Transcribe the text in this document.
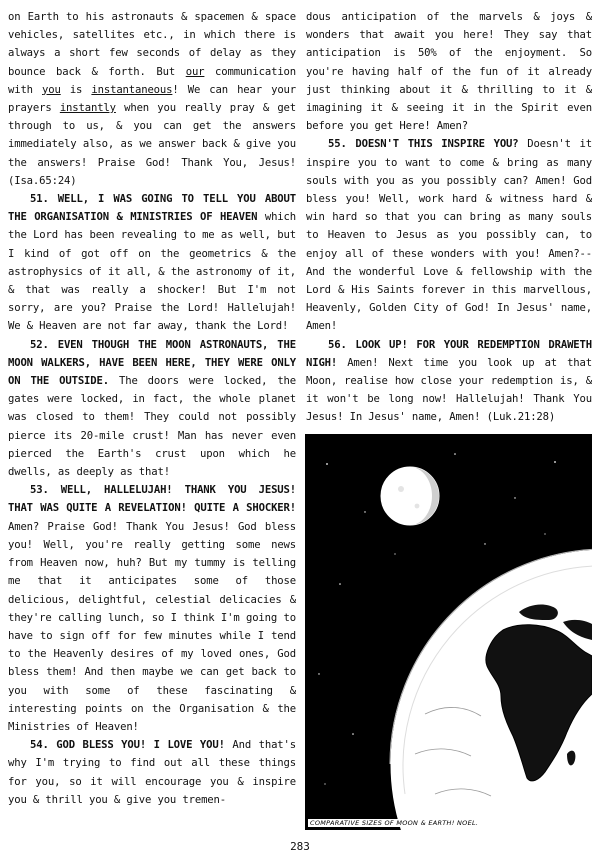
on Earth to his astronauts & spacemen & space vehicles, satellites etc., in which there is always a short few seconds of delay as they bounce back & forth. But our communication with you is instantaneous! We can hear your prayers instantly when you really pray & get through to us, & you can get the answers immediately also, as we answer back & give you the answers! Praise God! Thank You, Jesus! (Isa.65:24)

51. WELL, I WAS GOING TO TELL YOU ABOUT THE ORGANISATION & MINISTRIES OF HEAVEN which the Lord has been revealing to me as well, but I kind of got off on the geometrics & the astrophysics of it all, & the astronomy of it, & that was really a shocker! But I'm not sorry, are you? Praise the Lord! Hallelujah! We & Heaven are not far away, thank the Lord!

52. EVEN THOUGH THE MOON ASTRONAUTS, THE MOON WALKERS, HAVE BEEN HERE, THEY WERE ONLY ON THE OUTSIDE. The doors were locked, the gates were locked, in fact, the whole planet was closed to them! They could not possibly pierce its 20-mile crust! Man has never even pierced the Earth's crust upon which he dwells, as deeply as that!

53. WELL, HALLELUJAH! THANK YOU JESUS! THAT WAS QUITE A REVELATION! QUITE A SHOCKER! Amen? Praise God! Thank You Jesus! God bless you! Well, you're really getting some news from Heaven now, huh? But my tummy is telling me that it anticipates some of those delicious, delightful, celestial delicacies & they're calling lunch, so I think I'm going to have to sign off for few minutes while I tend to the Heavenly desires of my loved ones, God bless them! And then maybe we can get back to you with some of these fascinating & interesting points on the Organisation & the Ministries of Heaven!

54. GOD BLESS YOU! I LOVE YOU! And that's why I'm trying to find out all these things for you, so it will encourage you & inspire you & thrill you & give you tremen-

dous anticipation of the marvels & joys & wonders that await you here! They say that anticipation is 50% of the enjoyment. So you're having half of the fun of it already just thinking about it & thrilling to it & imagining it & seeing it in the Spirit even before you get Here! Amen?

55. DOESN'T THIS INSPIRE YOU? Doesn't it inspire you to want to come & bring as many souls with you as you possibly can? Amen! God bless you! Well, work hard & witness hard & win hard so that you can bring as many souls to Heaven to Jesus as you possibly can, to enjoy all of these wonders with you! Amen?--And the wonderful Love & fellowship with the Lord & His Saints forever in this marvellous, Heavenly, Golden City of God! In Jesus' name, Amen!

56. LOOK UP! FOR YOUR REDEMPTION DRAWETH NIGH! Amen! Next time you look up at that Moon, realise how close your redemption is, & it won't be long now! Hallelujah! Thank You Jesus! In Jesus' name, Amen! (Luk.21:28)

COMPARATIVE SIZES OF MOON & EARTH! NOEL.
283
